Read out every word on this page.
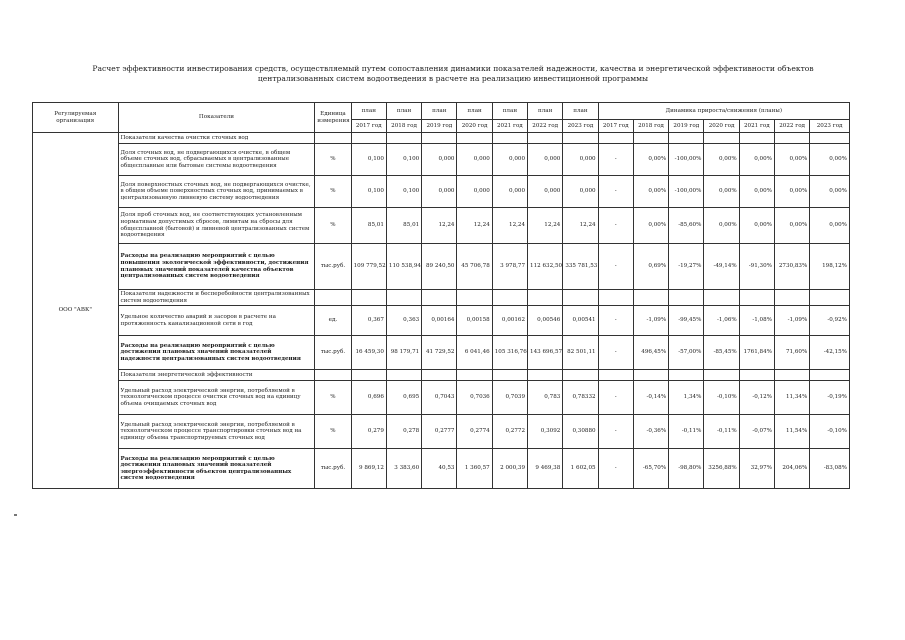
Расчет эффективности инвестирования средств, осуществляемый путем сопоставления динамики показателей надежности, качества и энергетической эффективности объектов централизованных систем водоотведения в расчете на реализацию инвестиционной программы
Регулируемая организация	Показатели	Единица измерения	план	план	план	план	план	план	план	Динамика прироста/снижения (планы)						
			2017 год	2018 год	2019 год	2020 год	2021 год	2022 год	2023 год	2017 год	2018 год	2019 год	2020 год	2021 год	2022 год	2023 год
ООО "АВК"	Показатели качества очистки сточных вод															
	Доля сточных вод, не подвергающихся очистке, в общем объеме сточных вод, сбрасываемых в централизованные общесплавные или бытовые системы водоотведения	%	0,100	0,100	0,000	0,000	0,000	0,000	0,000	-	0,00%	-100,00%	0,00%	0,00%	0,00%	0,00%
	Доля поверхностных сточных вод, не подвергающихся очистке, в общем объеме поверхностных сточных вод, принимаемых в централизованную ливневую систему водоотведения	%	0,100	0,100	0,000	0,000	0,000	0,000	0,000	-	0,00%	-100,00%	0,00%	0,00%	0,00%	0,00%
	Доля проб сточных вод, не соответствующих установленным нормативам допустимых сбросов, лимитам на сбросы для общесплавной (бытовой) и ливневой централизованных систем водоотведения	%	85,01	85,01	12,24	12,24	12,24	12,24	12,24	-	0,00%	-85,60%	0,00%	0,00%	0,00%	0,00%
	Расходы на реализацию мероприятий с целью повышения экологической эффективности, достижения плановых значений показателей качества объектов централизованных систем водоотведения	тыс.руб.	109 779,52	110 538,94	89 240,50	45 706,78	3 978,77	112 632,50	335 781,53	-	0,69%	-19,27%	-49,14%	-91,30%	2730,83%	198,12%
	Показатели надежности и бесперебойности централизованных систем водоотведения															
	Удельное количество аварий и засоров в расчете на протяженность канализационной сети в год	ед.	0,367	0,363	0,00164	0,00158	0,00162	0,00546	0,00541	-	-1,09%	-99,45%	-1,06%	-1,08%	-1,09%	-0,92%
	Расходы на реализацию мероприятий с целью достижения плановых значений показателей надежности централизованных систем водоотведения	тыс.руб.	16 459,30	98 179,71	41 729,52	6 041,46	105 316,76	143 696,57	82 501,11	-	496,45%	-57,00%	-85,45%	1761,84%	71,60%	-42,15%
	Показатели энергетической эффективности															
	Удельный расход электрической энергии, потребляемой в технологическом процессе очистки сточных вод на единицу объема очищаемых сточных вод	%	0,696	0,695	0,7043	0,7036	0,7039	0,783	0,78332	-	-0,14%	1,34%	-0,10%	-0,12%	11,34%	-0,19%
	Удельный расход электрической энергии, потребляемой в технологическом процессе транспортировки сточных вод на единицу объема транспортируемых сточных вод	%	0,279	0,278	0,2777	0,2774	0,2772	0,3092	0,30880	-	-0,36%	-0,11%	-0,11%	-0,07%	11,54%	-0,10%
	Расходы на реализацию мероприятий с целью достижения плановых значений показателей энергоэффективности объектов централизованных систем водоотведения	тыс.руб.	9 869,12	3 383,60	40,53	1 360,57	2 000,39	9 469,38	1 602,05	-	-65,70%	-98,80%	3256,88%	32,97%	204,06%	-83,08%
